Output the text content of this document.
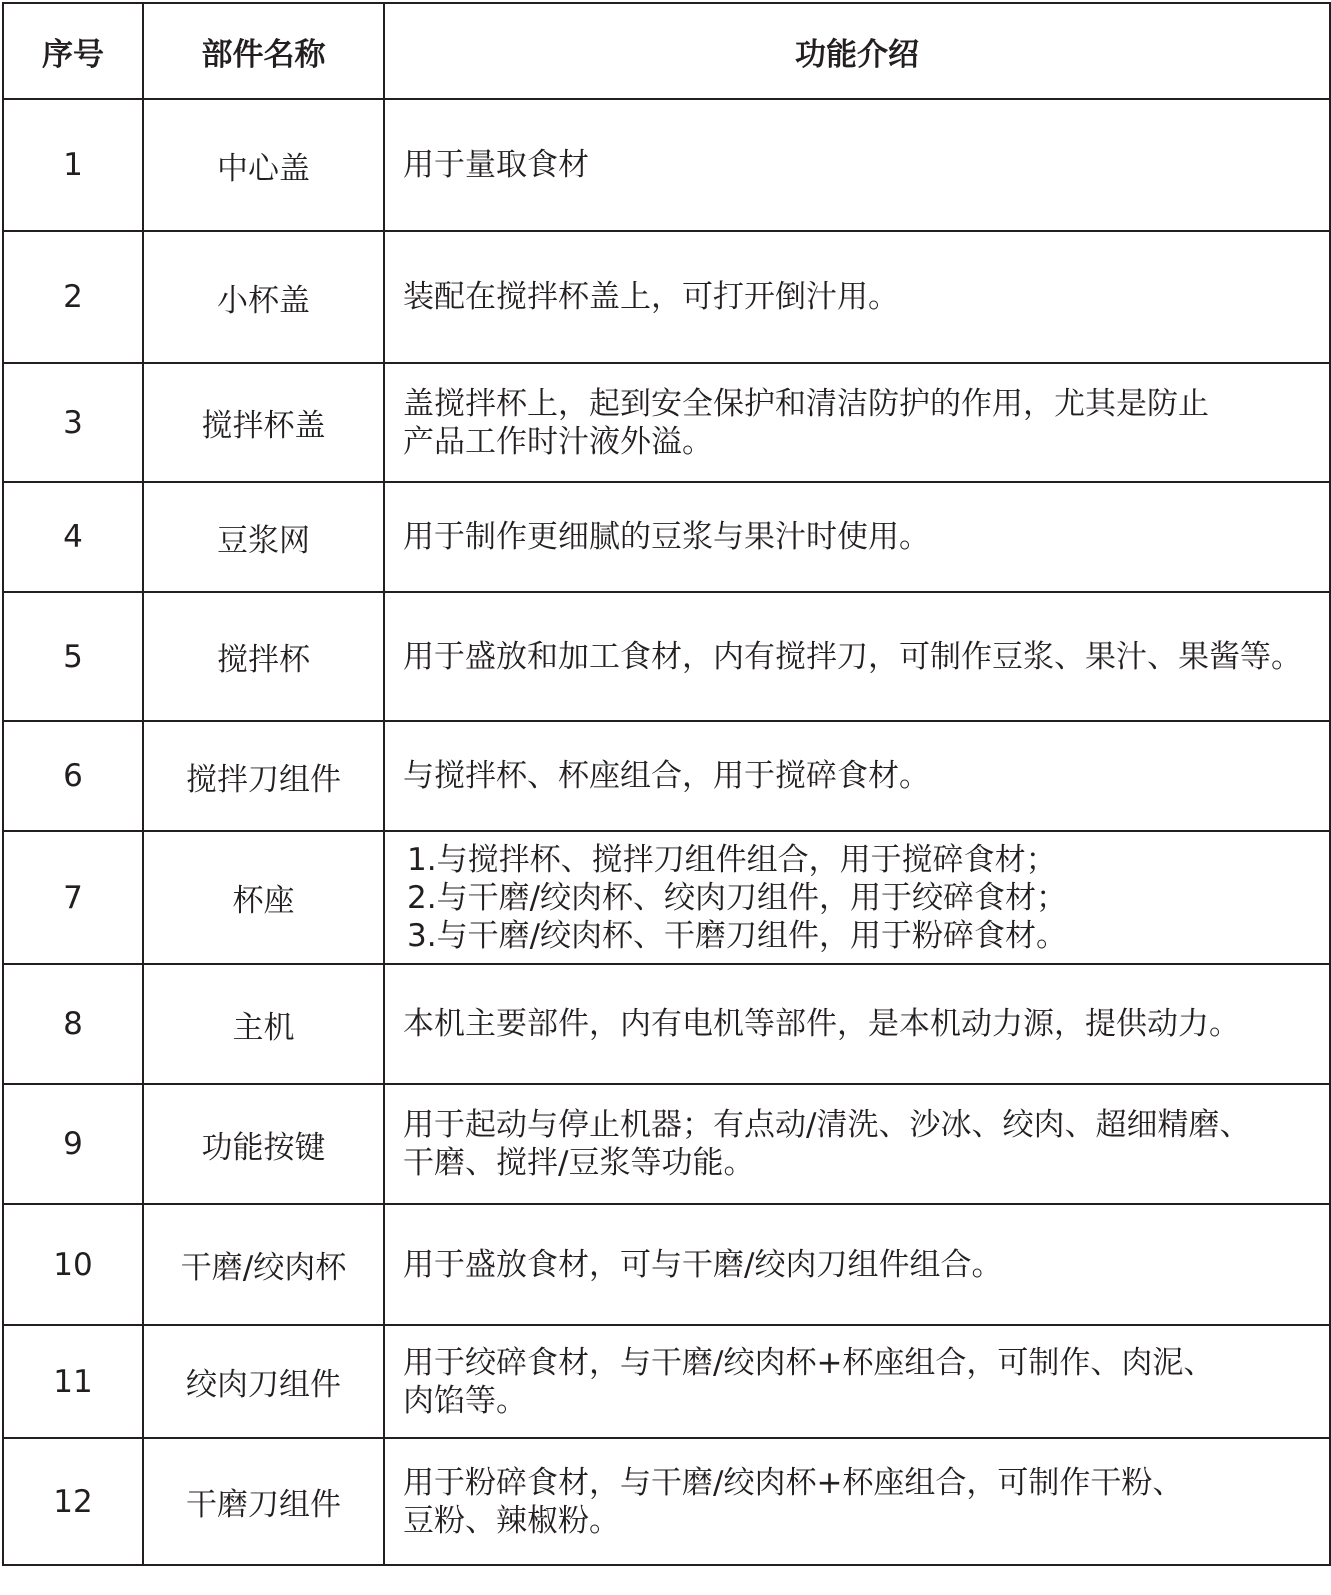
序号	部件名称	功能介绍
1	中心盖	用于量取食材

2	小杯盖	装配在搅拌杯盖上，可打开倒汁用。

3	搅拌杯盖	盖搅拌杯上，起到安全保护和清洁防护的作用，尤其是防止
产品工作时汁液外溢。

4	豆浆网	用于制作更细腻的豆浆与果汁时使用。

5	搅拌杯	用于盛放和加工食材，内有搅拌刀，可制作豆浆、果汁、果酱等。

6	搅拌刀组件	与搅拌杯、杯座组合，用于搅碎食材。

7	杯座	1.与搅拌杯、搅拌刀组件组合，用于搅碎食材；
2.与干磨/绞肉杯、绞肉刀组件，用于绞碎食材；
3.与干磨/绞肉杯、干磨刀组件，用于粉碎食材。

8	主机	本机主要部件，内有电机等部件，是本机动力源，提供动力。

9	功能按键	用于起动与停止机器；有点动/清洗、沙冰、绞肉、超细精磨、
干磨、搅拌/豆浆等功能。

10	干磨/绞肉杯	用于盛放食材，可与干磨/绞肉刀组件组合。

11	绞肉刀组件	用于绞碎食材，与干磨/绞肉杯+杯座组合，可制作、肉泥、
肉馅等。

12	干磨刀组件	用于粉碎食材，与干磨/绞肉杯+杯座组合，可制作干粉、
豆粉、辣椒粉。
